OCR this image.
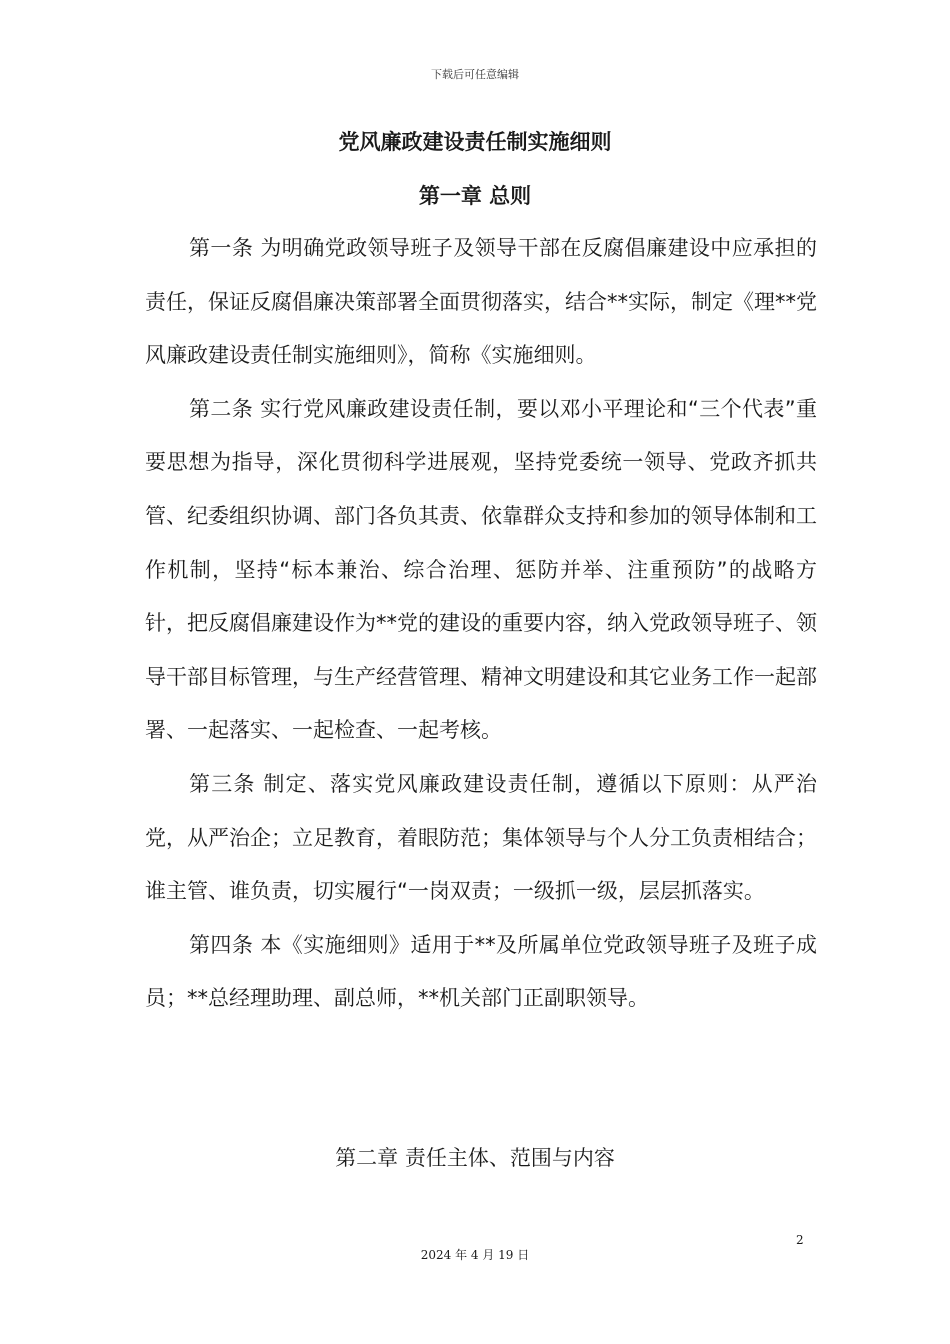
下载后可任意编辑
党风廉政建设责任制实施细则
第一章 总则

第一条 为明确党政领导班子及领导干部在反腐倡廉建设中应承担的责任，保证反腐倡廉决策部署全面贯彻落实，结合**实际，制定《理**党风廉政建设责任制实施细则》，简称《实施细则。

第二条 实行党风廉政建设责任制，要以邓小平理论和“三个代表”重要思想为指导，深化贯彻科学进展观，坚持党委统一领导、党政齐抓共管、纪委组织协调、部门各负其责、依靠群众支持和参加的领导体制和工作机制，坚持“标本兼治、综合治理、惩防并举、注重预防”的战略方针，把反腐倡廉建设作为**党的建设的重要内容，纳入党政领导班子、领导干部目标管理，与生产经营管理、精神文明建设和其它业务工作一起部署、一起落实、一起检查、一起考核。

第三条 制定、落实党风廉政建设责任制，遵循以下原则：从严治党，从严治企；立足教育，着眼防范；集体领导与个人分工负责相结合；谁主管、谁负责，切实履行“一岗双责；一级抓一级，层层抓落实。

第四条 本《实施细则》适用于**及所属单位党政领导班子及班子成员；**总经理助理、副总师，**机关部门正副职领导。

第二章 责任主体、范围与内容
2
2024 年 4 月 19 日
